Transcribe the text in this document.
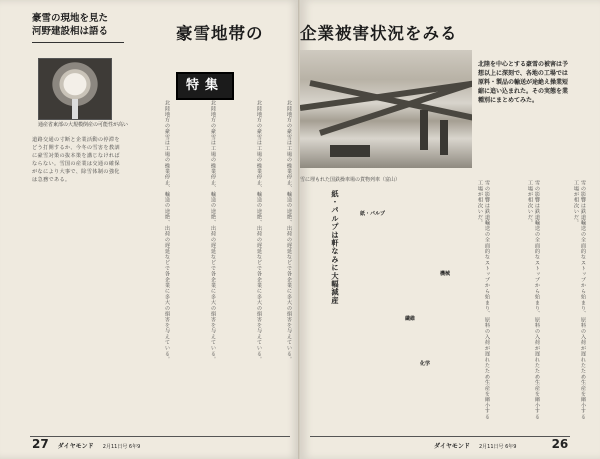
豪雪の現地を見た
河野建設相は語る
通産省東部の大規模倒産の可能性が高い
道路交通の寸断と企業活動の停滞をどう打開するか、今冬の雪害を教訓に豪雪対策の抜本策を講じなければならない。雪国の産業は交通の確保がなにより大事で、除雪体制の強化は急務である。	北陸地方の豪雪は工場の操業停止、輸送の途絶、出荷の遅延などで各企業に多大の損害を与えている。	北陸地方の豪雪は工場の操業停止、輸送の途絶、出荷の遅延などで各企業に多大の損害を与えている。	北陸地方の豪雪は工場の操業停止、輸送の途絶、出荷の遅延などで各企業に多大の損害を与えている。	北陸地方の豪雪は工場の操業停止、輸送の途絶、出荷の遅延などで各企業に多大の損害を与えている。
27 ダイヤモンド 2月11日号 6年9
雪の影響は鉄道輸送の全面的なストップから始まり、原料の入荷が遅れたため生産を縮小する工場が相次いだ。	雪の影響は鉄道輸送の全面的なストップから始まり、原料の入荷が遅れたため生産を縮小する工場が相次いだ。
雪の影響は鉄道輸送の全面的なストップから始まり、原料の入荷が遅れたため生産を縮小する工場が相次いだ。
繊維
化学
紙・パルプ
機械
北陸を中心とする豪雪の被害は予想以上に深刻で、各地の工場では原料・製品の輸送が途絶え操業短縮に追い込まれた。その実態を業種別にまとめてみた。
ダイヤモンド 2月11日号 6年9	26
豪雪地帯の 企業被害状況をみる
特集
雪に埋もれた国鉄操車場の貨物列車（富山）
紙・パルプは軒なみに大幅減産
